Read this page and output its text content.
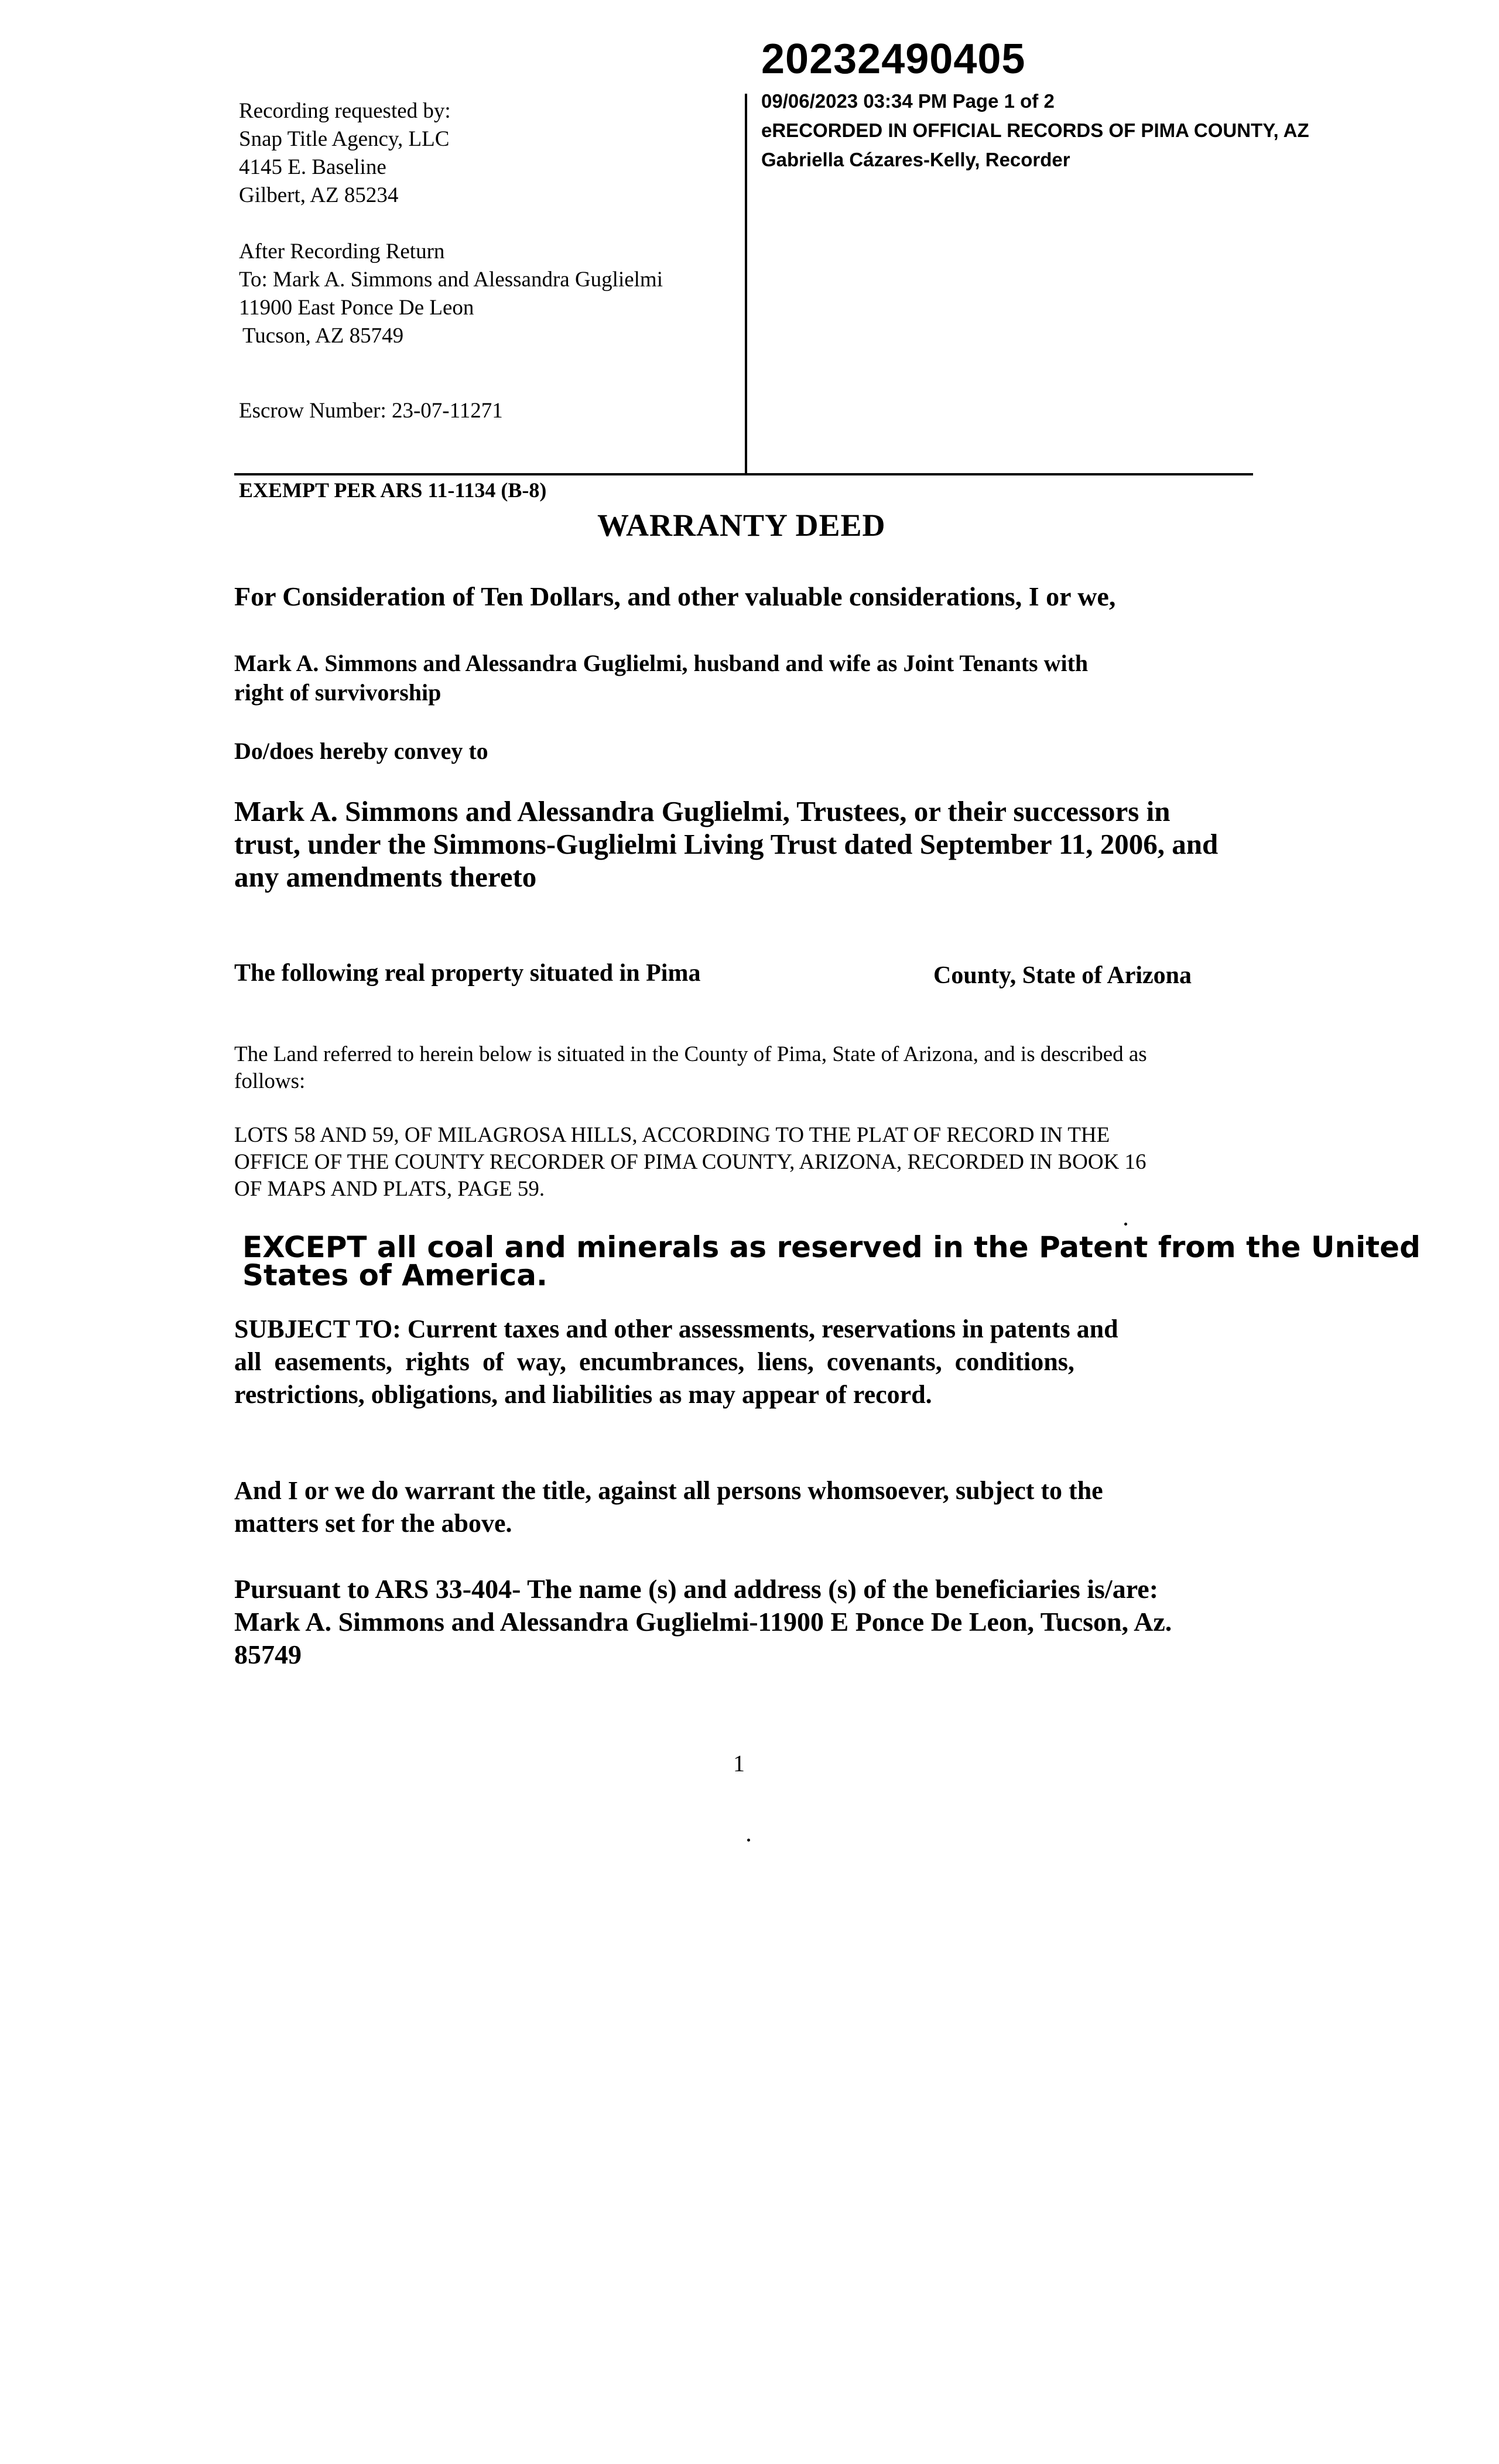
Recording requested by:
Snap Title Agency, LLC
4145 E. Baseline
Gilbert, AZ 85234
After Recording Return
To: Mark A. Simmons and Alessandra Guglielmi
11900 East Ponce De Leon
Tucson, AZ 85749
Escrow Number: 23-07-11271
20232490405
09/06/2023 03:34 PM Page 1 of 2
eRECORDED IN OFFICIAL RECORDS OF PIMA COUNTY, AZ
Gabriella Cázares-Kelly, Recorder
EXEMPT PER ARS 11-1134 (B-8)
WARRANTY DEED
For Consideration of Ten Dollars, and other valuable considerations, I or we,
Mark A. Simmons and Alessandra Guglielmi, husband and wife as Joint Tenants with
right of survivorship
Do/does hereby convey to
Mark A. Simmons and Alessandra Guglielmi, Trustees, or their successors in
trust, under the Simmons-Guglielmi Living Trust dated September 11, 2006, and
any amendments thereto
The following real property situated in Pima	County, State of Arizona
The Land referred to herein below is situated in the County of Pima, State of Arizona, and is described as
follows:
LOTS 58 AND 59, OF MILAGROSA HILLS, ACCORDING TO THE PLAT OF RECORD IN THE
OFFICE OF THE COUNTY RECORDER OF PIMA COUNTY, ARIZONA, RECORDED IN BOOK 16
OF MAPS AND PLATS, PAGE 59.
EXCEPT all coal and minerals as reserved in the Patent from the United
States of America.
SUBJECT TO: Current taxes and other assessments, reservations in patents and
all  easements,  rights  of  way,  encumbrances,  liens,  covenants,  conditions,
restrictions, obligations, and liabilities as may appear of record.
And I or we do warrant the title, against all persons whomsoever, subject to the
matters set for the above.
Pursuant to ARS 33-404- The name (s) and address (s) of the beneficiaries is/are:
Mark A. Simmons and Alessandra Guglielmi-11900 E Ponce De Leon, Tucson, Az.
85749
1
